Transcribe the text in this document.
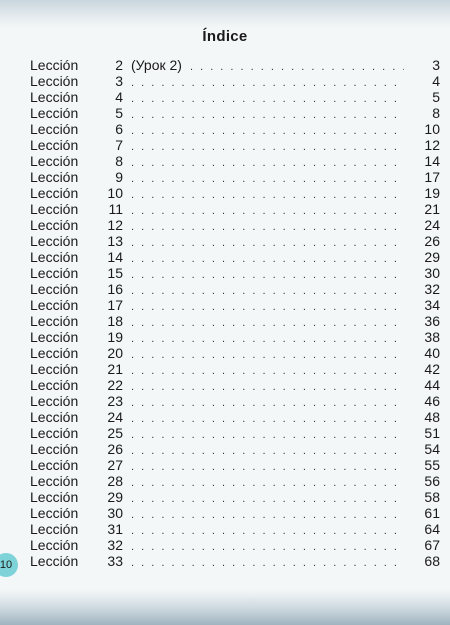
Índice
Lección	2 (Урок 2) . . .	3
Lección	3 . . .	4
Lección	4 . . .	5
Lección	5 . . .	8
Lección	6 . . .	10
Lección	7 . . .	12
Lección	8 . . .	14
Lección	9 . . .	17
Lección	10 . . .	19
Lección	11 . . .	21
Lección	12 . . .	24
Lección	13 . . .	26
Lección	14 . . .	29
Lección	15 . . .	30
Lección	16 . . .	32
Lección	17 . . .	34
Lección	18 . . .	36
Lección	19 . . .	38
Lección	20 . . .	40
Lección	21 . . .	42
Lección	22 . . .	44
Lección	23 . . .	46
Lección	24 . . .	48
Lección	25 . . .	51
Lección	26 . . .	54
Lección	27 . . .	55
Lección	28 . . .	56
Lección	29 . . .	58
Lección	30 . . .	61
Lección	31 . . .	64
Lección	32 . . .	67
Lección	33 . . .	68
10
